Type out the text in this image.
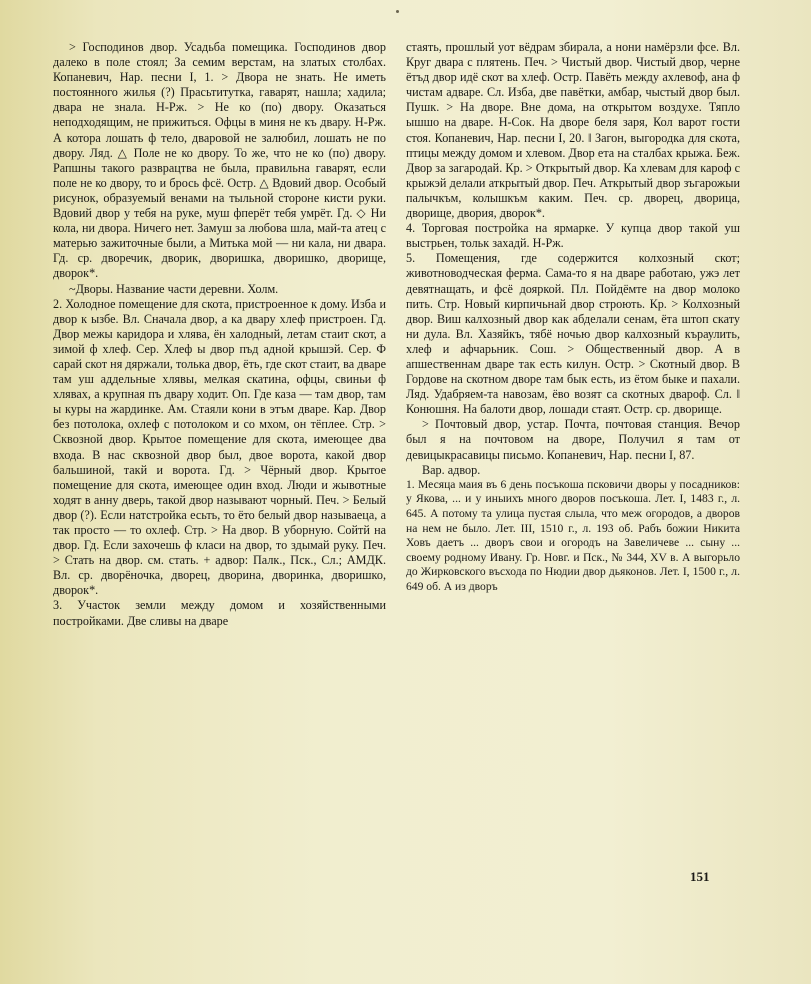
> Господинов двор. Усадьба помещика. Господинов двор далеко в поле стоял; За семим верстам, на златых столбах. Копаневич, Нар. песни I, 1. > Двора не знать. Не иметь постоянного жилья (?) Прасьтитутка, гаварят, нашла; хадила; двара не знала. Н-Рж. > Не ко (по) двору. Оказаться неподходящим, не прижиться. Офцы в миня не къ двару. Н-Рж. А котора лошать ф тело, дваровой не залюбил, лошать не по двору. Ляд. △ Поле не ко двору. То же, что не ко (по) двору. Рапшны такого разврацтва не была, правильна гаварят, если поле не ко двору, то и брось фсё. Остр. △ Вдовий двор. Особый рисунок, образуемый венами на тыльной стороне кисти руки. Вдовий двор у тебя на руке, муш фперёт тебя умрёт. Гд. ◇ Ни кола, ни двора. Ничего нет. Замуш за любова шла, май-та атец с матерью зажиточные были, а Митька мой — ни кала, ни двара. Гд. ср. дворечик, дворик, дворишка, дворишко, дворище, дворок*.

~Дворы. Название части деревни. Холм.

2. Холодное помещение для скота, пристроенное к дому. Изба и двор к ызбе. Вл. Сначала двор, а ка двару хлеф пристроен. Гд. Двор межы каридора и хлява, ён халодный, летам стаит скот, а зимой ф хлеф. Сер. Хлеф ы двор пъд адной крышэй. Сер. Ф сарай скот ня дяржали, толька двор, ёть, где скот стаит, ва дваре там уш аддельные хлявы, мелкая скатина, офцы, свиньи ф хлявах, а крупная пъ двару ходит. Оп. Где каза — там двор, там ы куры на жардинке. Ам. Стаяли кони в этъм дваре. Кар. Двор без потолока, охлеф с потолоком и со мхом, он тёплее. Стр. > Сквозной двор. Крытое помещение для скота, имеющее два входа. В нас сквозной двор был, двое ворота, какой двор бальшиной, такй и ворота. Гд. > Чёрный двор. Крытое помещение для скота, имеющее один вход. Люди и жывотные ходят в анну дверь, такой двор называют чорный. Печ. > Белый двор (?). Если натстройка есьть, то ёто белый двор называеца, а так просто — то охлеф. Стр. > На двор. В уборную. Сойтй на двор. Гд. Если захочешь ф класи на двор, то здымай руку. Печ. > Стать на двор. см. стать. + адвор: Палк., Пск., Сл.; АМДК. Вл. ср. дворёночка, дворец, дворина, дворинка, дворишко, дворок*.

3. Участок земли между домом и хозяйственными постройками. Две сливы на дваре

стаять, прошлый уот вёдрам збирала, а нони намёрзли фсе. Вл. Круг двара с плятень. Печ. > Чистый двор. Чистый двор, черне ётъд двор идё скот ва хлеф. Остр. Павёть между ахлевоф, ана ф чистам адваре. Сл. Изба, две павётки, амбар, чыстый двор был. Пушк. > На дворе. Вне дома, на открытом воздухе. Тяпло ышшо на дваре. Н-Сок. На дворе беля заря, Кол варот гости стоя. Копаневич, Нар. песни I, 20. ‖ Загон, выгородка для скота, птицы между домом и хлевом. Двор ета на сталбах крыжа. Беж. Двор за загародай. Кр. > Открытый двор. Ка хлевам для кароф с крыжэй делали аткрытый двор. Печ. Аткрытый двор зъгарожыи палычкъм, колышкъм каким. Печ. ср. дворец, дворица, дворище, двория, дворок*.

4. Торговая постройка на ярмарке. У купца двор такой уш выстрьен, тольк захадй. Н-Рж.

5. Помещения, где содержится колхозный скот; животноводческая ферма. Сама-то я на дваре работаю, ужэ лет девятнащать, и фсё дояркой. Пл. Пойдёмте на двор молоко пить. Стр. Новый кирпичьнай двор строють. Кр. > Колхозный двор. Виш калхозный двор как абделали сенам, ёта штоп скату ни дула. Вл. Хазяйкъ, тябё ночью двор калхозный къраулить, хлеф и афчарьник. Сош. > Общественный двор. А в апшественнам дваре так есть килун. Остр. > Скотный двор. В Гордове на скотном дворе там бык есть, из ётом быке и пахали. Ляд. Удабряем-та навозам, ёво возят са скотных двароф. Сл. ‖ Конюшня. На балоти двор, лошади стаят. Остр. ср. дворище.

> Почтовый двор, устар. Почта, почтовая станция. Вечор был я на почтовом на дворе, Получил я там от девицыкрасавицы письмо. Копаневич, Нар. песни I, 87.

Вар. адвор.

1. Месяца маия въ 6 день посъкоша псковичи дворы у посадников: у Якова, ... и у иныихъ много дворов посъкоша. Лет. I, 1483 г., л. 645. А потому та улица пустая слыла, что меж огородов, а дворов на нем не было. Лет. III, 1510 г., л. 193 об. Рабъ божии Никита Ховъ даетъ ... дворъ свои и огородъ на Завеличеве ... сыну ... своему родному Ивану. Гр. Новг. и Пск., № 344, XV в. А выгорьло до Жирковского въсхода по Нюдии двор дьяконов. Лет. I, 1500 г., л. 649 об. А из дворъ

151
